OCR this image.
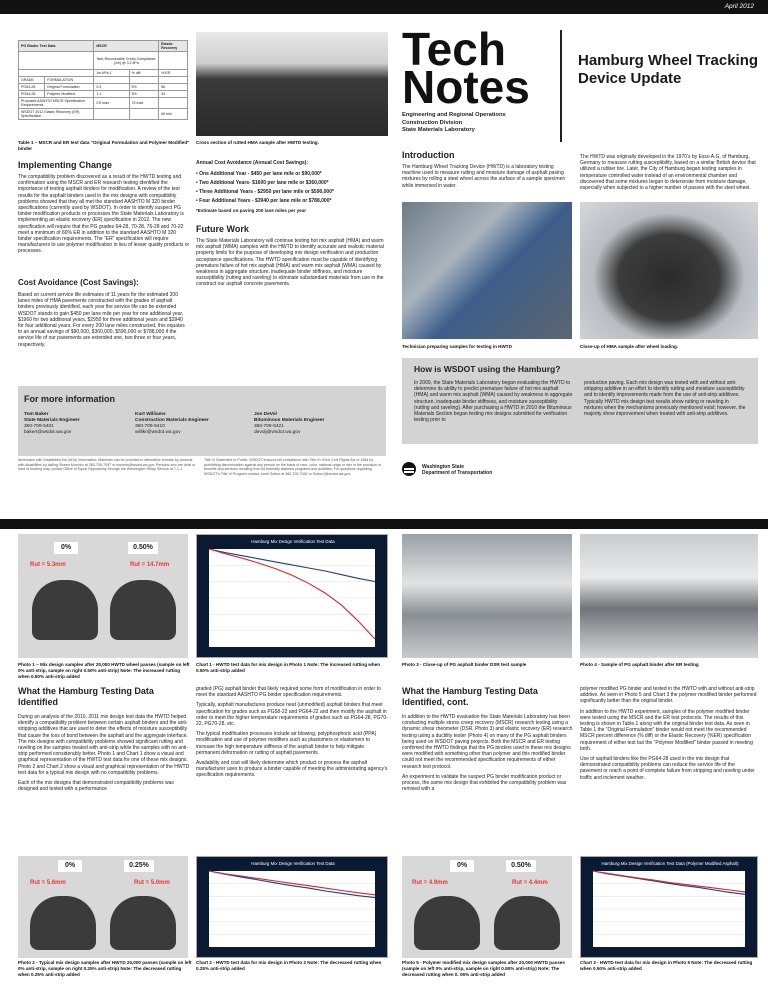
April 2012
PG Binder Test Data		MSCR		Elastic Recovery
		Non-Recoverable Creep Compliance (Jnr) @ 3.2 kPa		
		Jnr kPa-1	% diff	% ER
GRADE	FORMULATION			
PG64-28	Original Formulation	0.3	5%	56
PG64-28	Polymer Modified	1.1	5%	34
Proposed AASHTO MSCR Specification Requirements		0.5 max	75 max	
WSDOT 2012 Elastic Recovery (ER) Specification				60 min
Table 1 – MSCR and ER test data “Original Formulation and Polymer Modified” binder
Cross section of rutted HMA sample after HWTD testing.
Implementing Change
The compatibility problem discovered as a result of the HWTD testing and confirmation using the MSCR and ER research testing identified the importance of testing asphalt binders for modification. A review of the test results for the asphalt binders used in the mix designs with compatibility problems showed that they all met the standard AASHTO M 320 binder specifications (currently used by WSDOT). In order to identify suspect PG binder modification products or processes the State Materials Laboratory is implementing an elastic recovery (ER) specification in 2012. The new specification will require that the PG grades 64-28, 70-28, 76-28 and 70-22 meet a minimum of 60% ER in addition to the standard AASHTO M 320 binder specification requirements. The “ER” specification will require manufacturers to use polymer modification in lieu of lesser quality products or processes.
Cost Avoidance (Cost Savings):
Based on current service life estimates of 11 years for the estimated 200 lanes miles of HMA pavements constructed with the grades of asphalt binders previously identified, each year the service life can be extended WSDOT stands to gain $450 per lane mile per year for one additional year, $1960 for two additional years, $2950 for three additional years and $3940 for four additional years. For every 200 lane miles constructed, this equates to an annual savings of $90,000, $360,000, $590,000 or $788,000 if the service life of our pavements are extended one, two three or four years, respectively.
Annual Cost Avoidance (Annual Cost Savings):
• One Additional Year - $450 per lane mile or $90,000*
• Two Additional Years- $1600 per lane mile or $360,000*
• Three Additional Years - $2950 per lane mile or $590,000*
• Four Additional Years - $3940 per lane mile or $788,000*
*Estimate based on paving 200 lane miles per year
Future Work
The State Materials Laboratory will continue testing hot mix asphalt (HMA) and warm mix asphalt (WMA) samples with the HWTD to identify accurate and realistic material property limits for the purpose of developing mix design verification and production acceptance specifications. The HWTD specification must be capable of identifying premature failure of hot mix asphalt (HMA) and warm mix asphalt (WMA) caused by weakness in aggregate structure, inadequate binder stiffness, and moisture susceptibility (rutting and raveling) to eliminate substandard materials from use in the construct our asphalt concrete pavements.
Tech
Notes
Engineering and Regional Operations
Construction Division
State Materials Laboratory
Hamburg Wheel Tracking Device Update
Introduction
The Hamburg Wheel Tracking Device (HWTD) is a laboratory testing machine used to measure rutting and moisture damage of asphalt paving mixtures by rolling a steel wheel across the surface of a sample specimen while immersed in water.
The HWTD was originally developed in the 1970’s by Esso A.G. of Hamburg, Germany to measure rutting susceptibility, based on a similar British device that utilized a rubber tire. Later, the City of Hamburg began testing samples in temperature controlled water instead of an environmental chamber and discovered that some mixtures began to deteriorate from moisture damage, especially when subjected to a higher number of passes with the steel wheel.
Technician preparing samples for testing in HWTD	Close-up of HMA sample after wheel loading.
How is WSDOT using the Hamburg?
In 2009, the State Materials Laboratory began evaluating the HWTD to determine its ability to predict premature failure of hot mix asphalt (HMA) and warm mix asphalt (WMA) caused by weakness in aggregate structure, inadequate binder stiffness, and moisture susceptibility (rutting and raveling). After purchasing a HWTD in 2010 the Bituminous Materials Section began testing mix designs submitted for verification testing prior to
production paving. Each mix design was tested with and without anti-stripping additive in an effort to identify rutting and moisture susceptibility and to identify improvements made from the use of anti-strip additives. Typically HWTD mix design test results show rutting or raveling in mixtures when the mechanisms previously mentioned exist; however, the majority show improvement when treated with anti-strip additives.
For more information
Tom Baker
State Materials Engineer
360-709-5401
bakert@wsdot.wa.gov
Kurt Williams
Construction Materials Engineer
360-709-5410
willikr@wsdot.wa.gov
Joe DeVol
Bituminous Materials Engineer
360-709-5421
devolj@wsdot.wa.gov
Americans with Disabilities Act (ADA) Information: Materials can be provided in alternative formats by persons with disabilities by calling Shawn Murinko at 360-705-7097 or murinks@wsdot.wa.gov. Persons who are deaf or hard of hearing may contact Office of Equal Opportunity through the Washington Relay Service at 7-1-1.
Title VI Statement to Public: WSDOT ensures full compliance with Title VI of the Civil Rights Act of 1964 by prohibiting discrimination against any person on the basis of race, color, national origin or sex in the provision of benefits and services resulting from its federally assisted programs and activities. For questions regarding WSDOT’s Title VI Program contact Jonté Sulton at 360-705-7082 or SultonJ@wsdot.wa.gov.
Washington State
Department of Transportation
0%	0.50%
Rut = 5.3mm	Rut = 14.7mm
Photo 1 – Mix design samples after 20,000 HWTD wheel passes (sample on left 0% anti-strip, sample on right 0.50% anti-strip) Note: The increased rutting when 0.50% anti-strip added
Hamburg Mix Design Verification Test Data
Chart 1 - HWTD test data for mix design in Photo 1 Note: The increased rutting when 0.50% anti-strip added
Photo 3 - Close-up of PG asphalt binder DSR test sample	Photo 4 - Sample of PG asphalt binder after ER testing
What the Hamburg Testing Data Identified

During an analysis of the 2010, 2011 mix design test data the HWTD helped identify a compatibility problem between certain asphalt binders and the anti-stripping additives that are used to deter the effects of moisture susceptibility that cause the loss of bond between the asphalt and the aggregate interface. The mix designs with compatibility problems showed significant rutting and raveling on the samples treated with anti-strip while the samples with no anti-strip performed considerably better. Photo 1 and Chart 1 show a visual and graphical representation of the HWTD test data for one of these mix designs. Photo 2 and Chart 2 show a visual and graphical representation of the HWTD test data for a typical mix design with no compatibility problems.

Each of the mix designs that demonstrated compatibility problems was designed and tested with a performance

graded (PG) asphalt binder that likely required some form of modification in order to meet the standard AASHTO PG binder specification requirements.

Typically, asphalt manufactures produce neat (unmodified) asphalt binders that meet specification for grades such as PG58-22 and PG64-22 and then modify the asphalt in order to meet the higher temperature requirements of grades such as PG64-28, PG70-22, PG70-28, etc.

The typical modification processes include air blowing, polyphosphoric acid (PPA) modification and use of polymer modifiers such as plastomers or elastomers to increase the high temperature stiffness of the asphalt binder to help mitigate permanent deformation or rutting of asphalt pavements.

Availability and cost will likely determine which product or process the asphalt manufacturer uses to produce a binder capable of meeting the administrating agency’s specification requirements.

What the Hamburg Testing Data Identified, cont.

In addition to the HWTD evaluation the State Materials Laboratory has been conducting multiple stress creep recovery (MSCR) research testing using a dynamic shear rheometer (DSR, Photo 3) and elastic recovery (ER) research testing using a ductility tester (Photo 4) on many of the PG asphalt binders being used on WSDOT paving projects. Both the MSCR and ER testing confirmed the HWTD findings that the PG binders used in these mix designs were modified with something other than polymer and this modified binder could not meet the recommended specification requirements of either research test protocol.

An experiment to validate the suspect PG binder modification product or process, the same mix design that exhibited the compatibility problem was remixed with a

polymer modified PG binder and tested in the HWTD with and without anti-strip additive. As seen in Photo 5 and Chart 3 the polymer modified binder performed significantly better than the original binder.

In addition to the HWTD experiment, samples of the polymer modified binder were tested using the MSCR and the ER test protocols. The results of this testing is shown in Table 1 along with the original binder test data. As seen in Table 1 the “Original Formulation” binder would not meet the recommended MSCR percent difference (% diff) or the Elastic Recovery (%ER) specification requirement of either test but the “Polymer Modified” binder passed in meeting both.

Use of asphalt binders like the PG64-28 used in the mix design that demonstrated compatibility problems can reduce the service life of the pavement or reach a point of complete failure from stripping and raveling under traffic and inclement weather.

0%	0.25%
Rut = 5.6mm	Rut = 5.0mm
Photo 2 - Typical mix design samples after HWTD 20,000 passes (sample on left 0% anti-strip, sample on right 0.25% anti-strip) Note: The decreased rutting when 0.25% anti-strip added
Hamburg Mix Design Verification Test Data
Chart 2 - HWTD test data for mix design in Photo 2 Note: The decreased rutting when 0.25% anti-strip added
0%	0.50%
Rut = 4.9mm	Rut = 4.4mm
Photo 5 - Polymer modified mix design samples after 20,000 HWTD passes (sample on left 0% anti-strip, sample on right 0.50% anti-strip) Note: The decreased rutting when 0. 05% anti-strip added
Hamburg Mix Design Verification Test Data (Polymer Modified Asphalt)
Chart 3 - HWTD test data for mix design in Photo 5 Note: The decreased rutting when 0.50% anti-strip added
